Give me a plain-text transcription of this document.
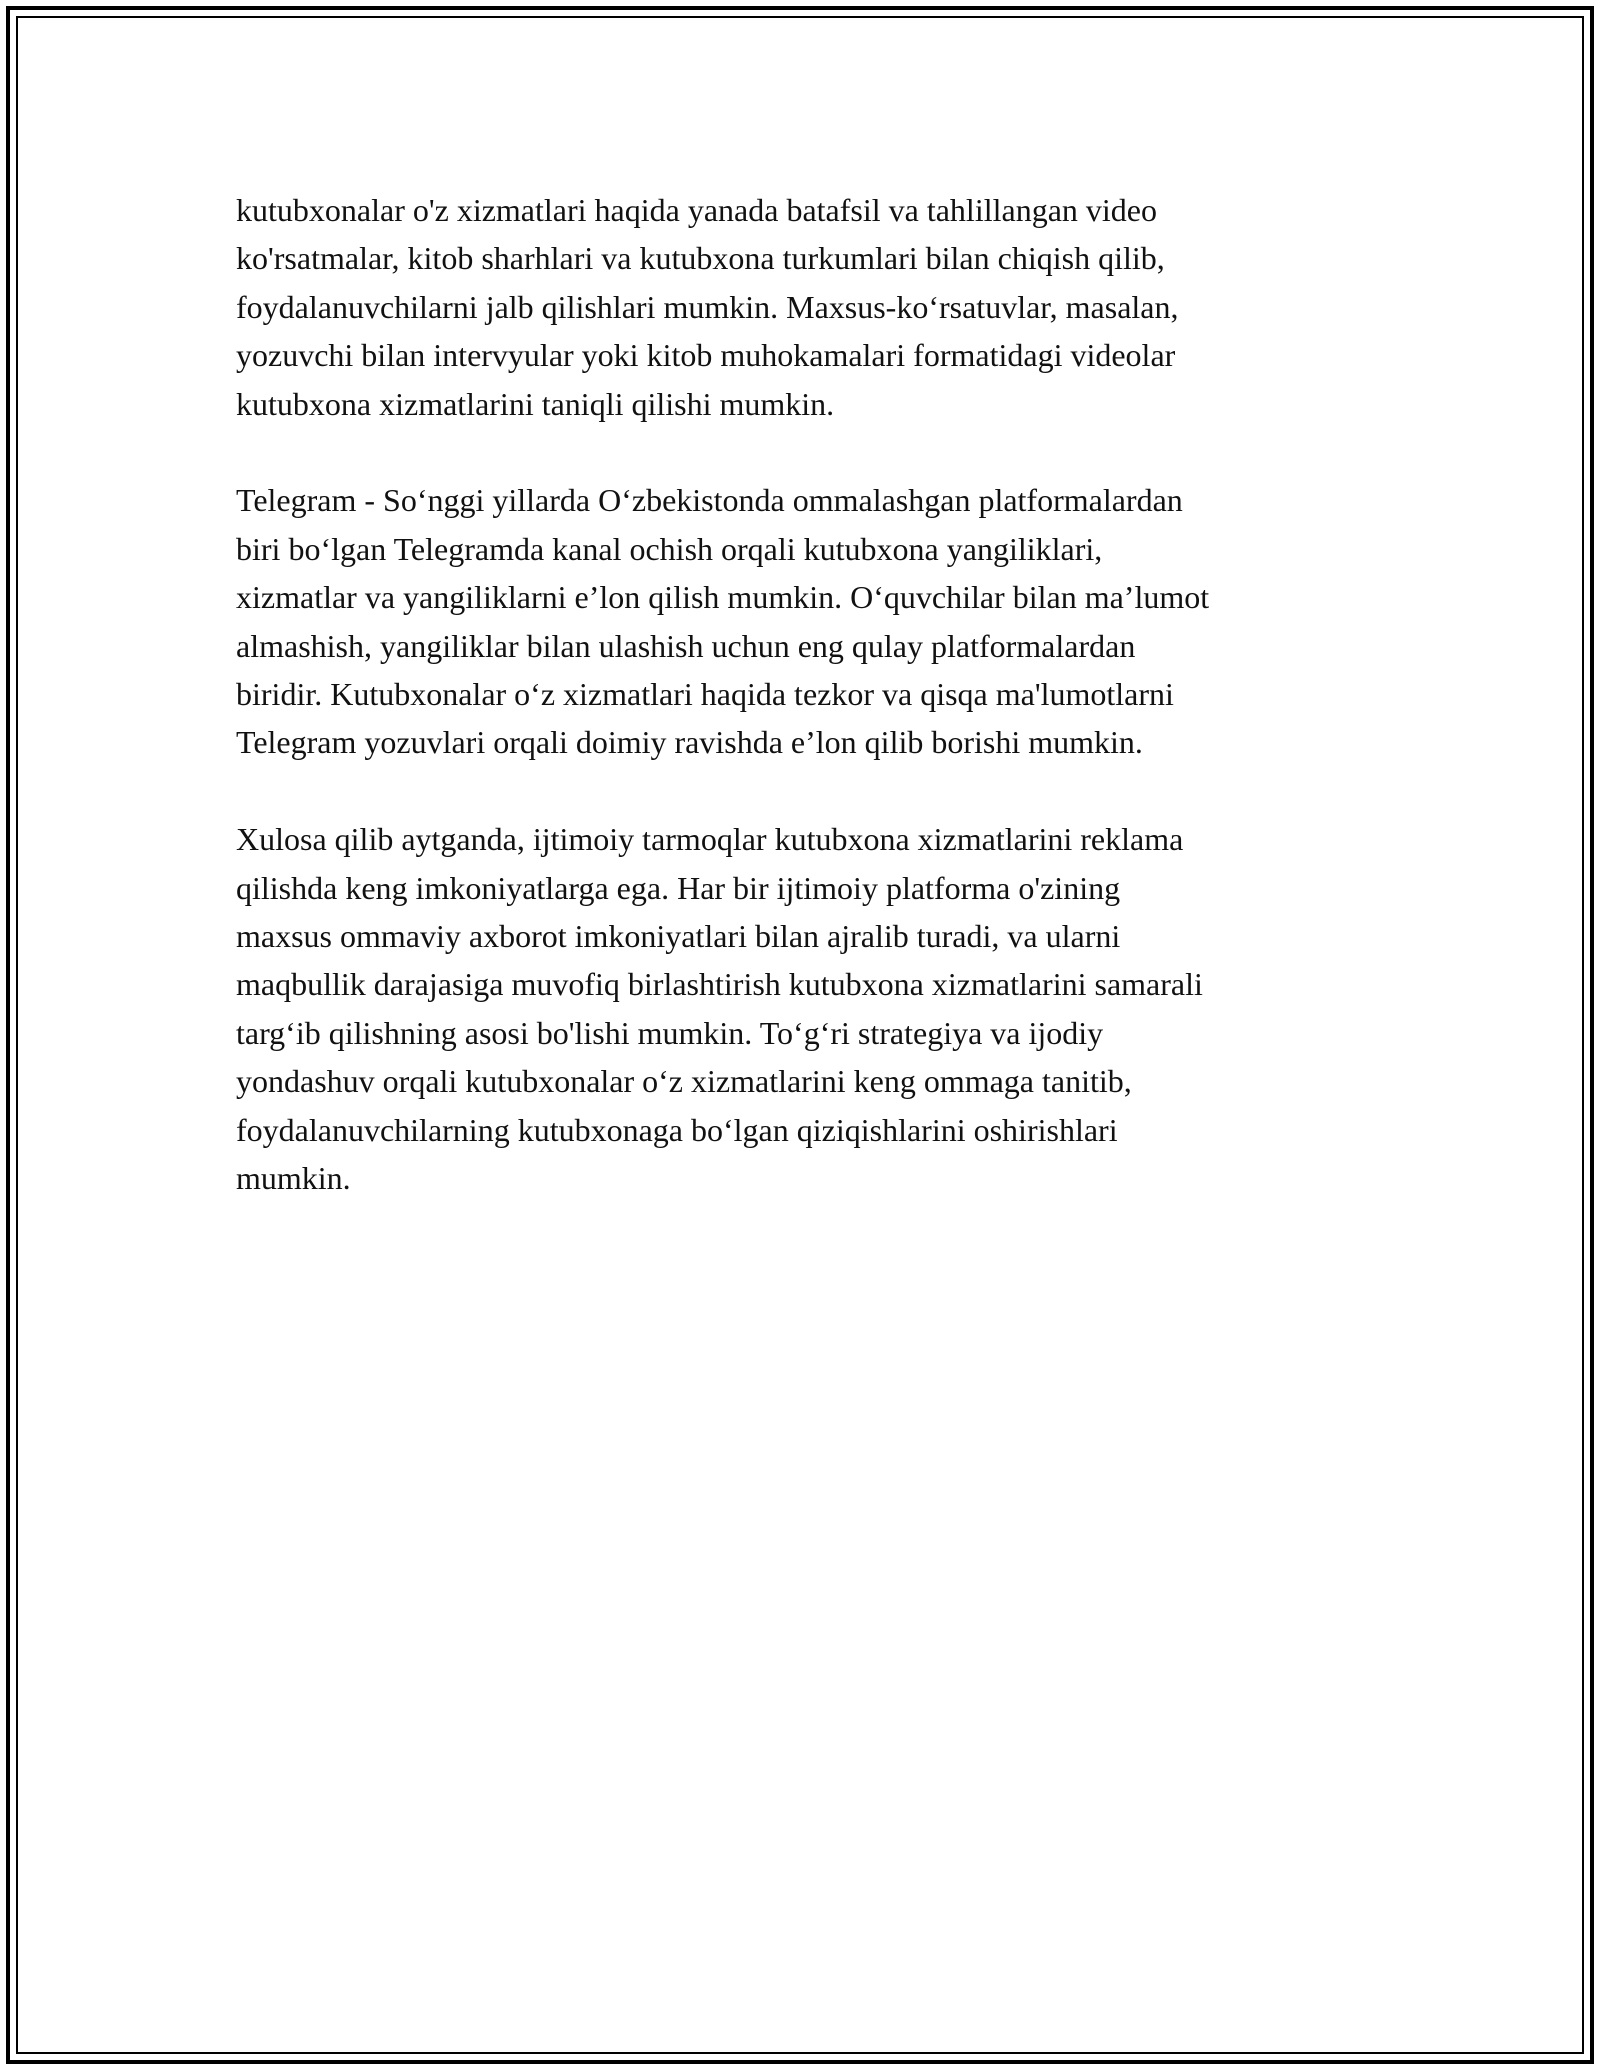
kutubxonalar o'z xizmatlari haqida yanada batafsil va tahlillangan video
ko'rsatmalar, kitob sharhlari va kutubxona turkumlari bilan chiqish qilib,
foydalanuvchilarni jalb qilishlari mumkin. Maxsus-ko‘rsatuvlar, masalan,
yozuvchi bilan intervyular yoki kitob muhokamalari formatidagi videolar
kutubxona xizmatlarini taniqli qilishi mumkin.

Telegram - So‘nggi yillarda O‘zbekistonda ommalashgan platformalardan
biri bo‘lgan Telegramda kanal ochish orqali kutubxona yangiliklari,
xizmatlar va yangiliklarni e’lon qilish mumkin. O‘quvchilar bilan ma’lumot
almashish, yangiliklar bilan ulashish uchun eng qulay platformalardan
biridir. Kutubxonalar o‘z xizmatlari haqida tezkor va qisqa ma'lumotlarni
Telegram yozuvlari orqali doimiy ravishda e’lon qilib borishi mumkin.

Xulosa qilib aytganda, ijtimoiy tarmoqlar kutubxona xizmatlarini reklama
qilishda keng imkoniyatlarga ega. Har bir ijtimoiy platforma o'zining
maxsus ommaviy axborot imkoniyatlari bilan ajralib turadi, va ularni
maqbullik darajasiga muvofiq birlashtirish kutubxona xizmatlarini samarali
targ‘ib qilishning asosi bo'lishi mumkin. To‘g‘ri strategiya va ijodiy
yondashuv orqali kutubxonalar o‘z xizmatlarini keng ommaga tanitib,
foydalanuvchilarning kutubxonaga bo‘lgan qiziqishlarini oshirishlari
mumkin.
